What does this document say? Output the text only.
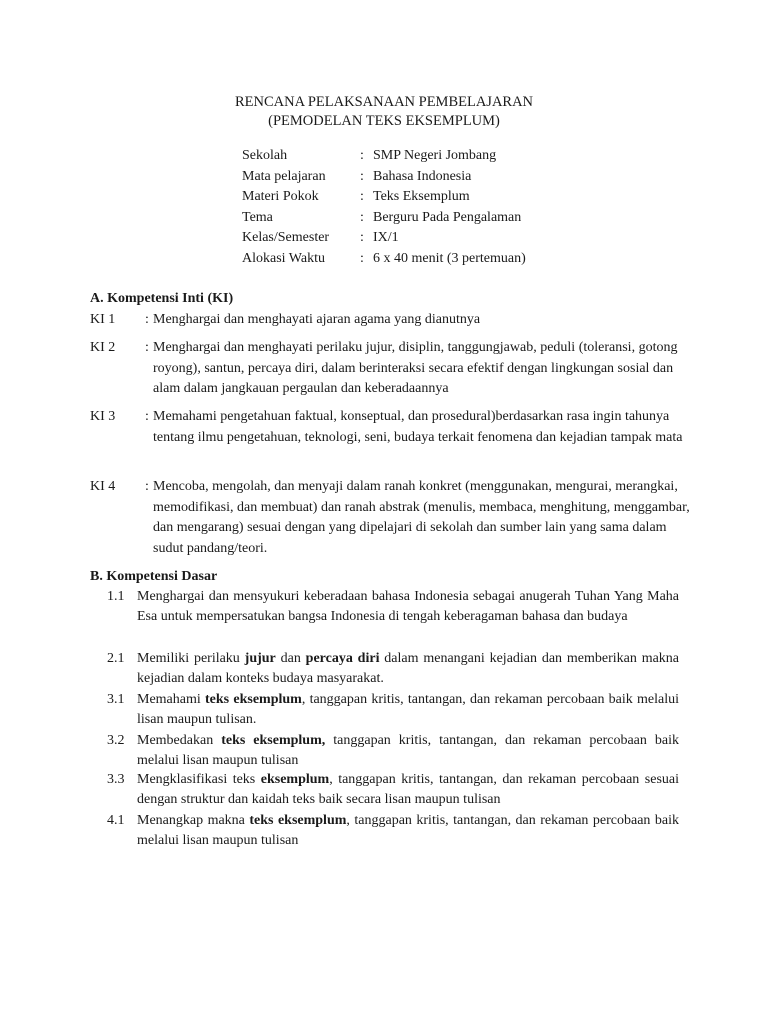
RENCANA PELAKSANAAN PEMBELAJARAN
(PEMODELAN TEKS EKSEMPLUM)
Sekolah	: SMP Negeri Jombang
Mata pelajaran : Bahasa Indonesia
Materi Pokok	: Teks Eksemplum
Tema	: Berguru Pada Pengalaman
Kelas/Semester : IX/1
Alokasi Waktu	: 6 x 40 menit (3 pertemuan)
A. Kompetensi Inti (KI)
KI 1 : Menghargai dan menghayati ajaran agama yang dianutnya
KI 2 : Menghargai dan menghayati perilaku jujur, disiplin, tanggungjawab, peduli (toleransi, gotong royong), santun, percaya diri, dalam berinteraksi secara efektif dengan lingkungan sosial dan alam dalam jangkauan pergaulan dan keberadaannya
KI 3 : Memahami pengetahuan faktual, konseptual, dan prosedural)berdasarkan rasa ingin tahunya tentang ilmu pengetahuan, teknologi, seni, budaya terkait fenomena dan kejadian tampak mata
KI 4 : Mencoba, mengolah, dan menyaji dalam ranah konkret (menggunakan, mengurai, merangkai, memodifikasi, dan membuat) dan ranah abstrak (menulis, membaca, menghitung, menggambar, dan mengarang) sesuai dengan yang dipelajari di sekolah dan sumber lain yang sama dalam sudut pandang/teori.
B. Kompetensi Dasar
1.1 Menghargai dan mensyukuri keberadaan bahasa Indonesia sebagai anugerah Tuhan Yang Maha Esa untuk mempersatukan bangsa Indonesia di tengah keberagaman bahasa dan budaya
2.1 Memiliki perilaku jujur dan percaya diri dalam menangani kejadian dan memberikan makna kejadian dalam konteks budaya masyarakat.
3.1 Memahami teks eksemplum, tanggapan kritis, tantangan, dan rekaman percobaan baik melalui lisan maupun tulisan.
3.2 Membedakan teks eksemplum, tanggapan kritis, tantangan, dan rekaman percobaan baik melalui lisan maupun tulisan
3.3 Mengklasifikasi teks eksemplum, tanggapan kritis, tantangan, dan rekaman percobaan sesuai dengan struktur dan kaidah teks baik secara lisan maupun tulisan
4.1 Menangkap makna teks eksemplum, tanggapan kritis, tantangan, dan rekaman percobaan baik melalui lisan maupun tulisan
